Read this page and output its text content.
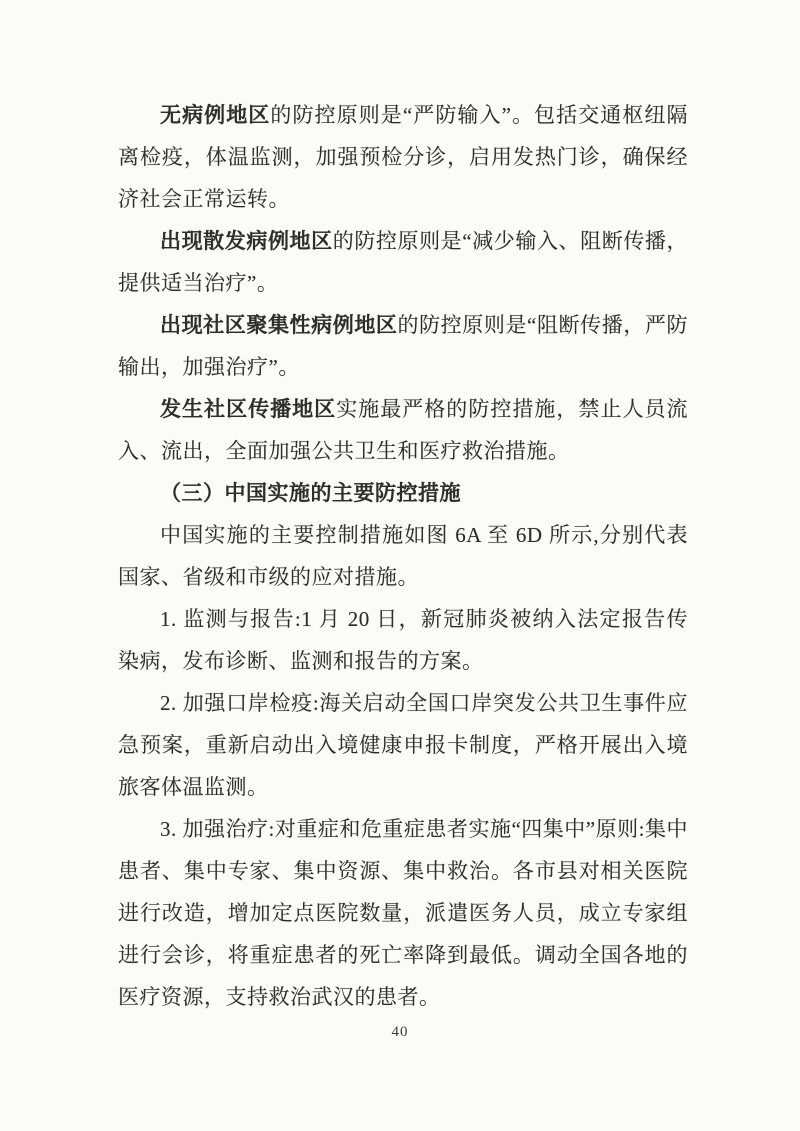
无病例地区的防控原则是“严防输入”。包括交通枢纽隔离检疫，体温监测，加强预检分诊，启用发热门诊，确保经济社会正常运转。

出现散发病例地区的防控原则是“减少输入、阻断传播，提供适当治疗”。

出现社区聚集性病例地区的防控原则是“阻断传播，严防输出，加强治疗”。

发生社区传播地区实施最严格的防控措施，禁止人员流入、流出，全面加强公共卫生和医疗救治措施。

（三）中国实施的主要防控措施

中国实施的主要控制措施如图 6A 至 6D 所示,分别代表国家、省级和市级的应对措施。

1. 监测与报告:1 月 20 日，新冠肺炎被纳入法定报告传染病，发布诊断、监测和报告的方案。

2. 加强口岸检疫:海关启动全国口岸突发公共卫生事件应急预案，重新启动出入境健康申报卡制度，严格开展出入境旅客体温监测。

3. 加强治疗:对重症和危重症患者实施“四集中”原则:集中患者、集中专家、集中资源、集中救治。各市县对相关医院进行改造，增加定点医院数量，派遣医务人员，成立专家组进行会诊，将重症患者的死亡率降到最低。调动全国各地的医疗资源，支持救治武汉的患者。

40
